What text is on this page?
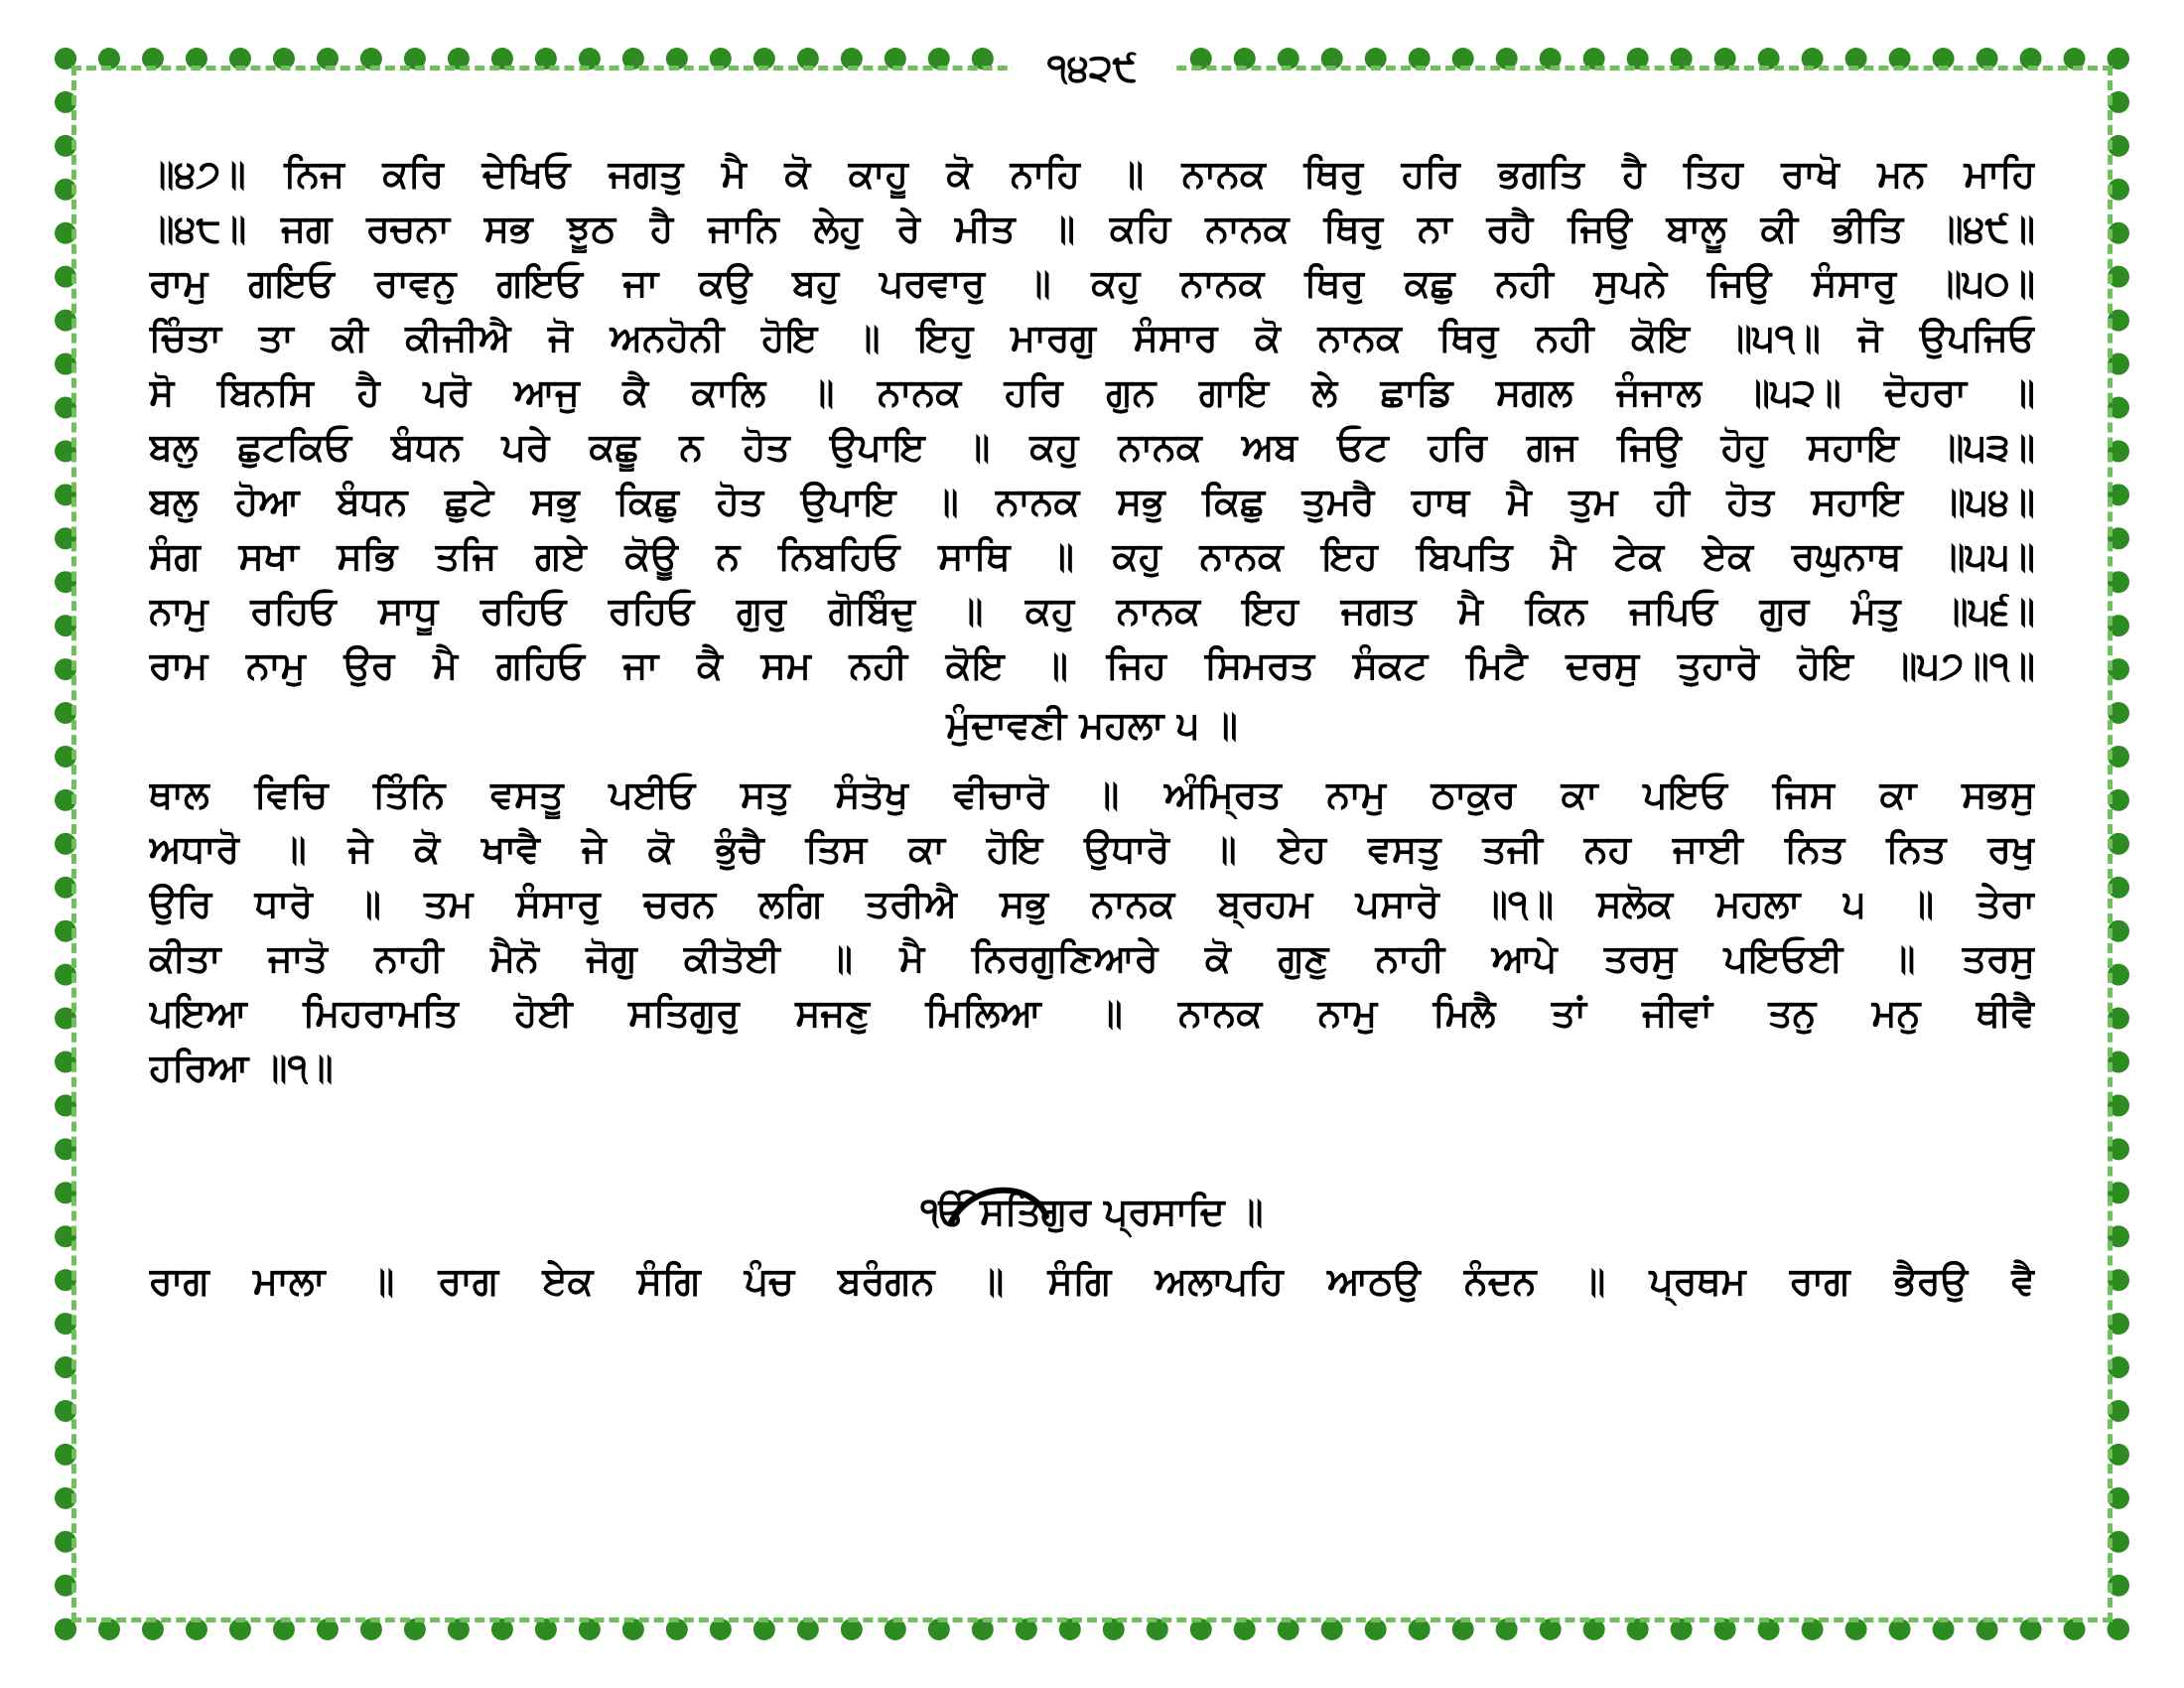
੧੪੨੯
॥੪੭॥ ਨਿਜ ਕਰਿ ਦੇਖਿਓ ਜਗਤੁ ਮੈ ਕੋ ਕਾਹੂ ਕੋ ਨਾਹਿ ॥ ਨਾਨਕ ਥਿਰੁ ਹਰਿ ਭਗਤਿ ਹੈ ਤਿਹ ਰਾਖੋ ਮਨ ਮਾਹਿ
॥੪੮॥ ਜਗ ਰਚਨਾ ਸਭ ਝੂਠ ਹੈ ਜਾਨਿ ਲੇਹੁ ਰੇ ਮੀਤ ॥ ਕਹਿ ਨਾਨਕ ਥਿਰੁ ਨਾ ਰਹੈ ਜਿਉ ਬਾਲੂ ਕੀ ਭੀਤਿ ॥੪੯॥
ਰਾਮੁ ਗਇਓ ਰਾਵਨੁ ਗਇਓ ਜਾ ਕਉ ਬਹੁ ਪਰਵਾਰੁ ॥ ਕਹੁ ਨਾਨਕ ਥਿਰੁ ਕਛੁ ਨਹੀ ਸੁਪਨੇ ਜਿਉ ਸੰਸਾਰੁ ॥੫੦॥
ਚਿੰਤਾ ਤਾ ਕੀ ਕੀਜੀਐ ਜੋ ਅਨਹੋਨੀ ਹੋਇ ॥ ਇਹੁ ਮਾਰਗੁ ਸੰਸਾਰ ਕੋ ਨਾਨਕ ਥਿਰੁ ਨਹੀ ਕੋਇ ॥੫੧॥ ਜੋ ਉਪਜਿਓ
ਸੋ ਬਿਨਸਿ ਹੈ ਪਰੋ ਆਜੁ ਕੈ ਕਾਲਿ ॥ ਨਾਨਕ ਹਰਿ ਗੁਨ ਗਾਇ ਲੇ ਛਾਡਿ ਸਗਲ ਜੰਜਾਲ ॥੫੨॥ ਦੋਹਰਾ ॥
ਬਲੁ ਛੁਟਕਿਓ ਬੰਧਨ ਪਰੇ ਕਛੂ ਨ ਹੋਤ ਉਪਾਇ ॥ ਕਹੁ ਨਾਨਕ ਅਬ ਓਟ ਹਰਿ ਗਜ ਜਿਉ ਹੋਹੁ ਸਹਾਇ ॥੫੩॥
ਬਲੁ ਹੋਆ ਬੰਧਨ ਛੁਟੇ ਸਭੁ ਕਿਛੁ ਹੋਤ ਉਪਾਇ ॥ ਨਾਨਕ ਸਭੁ ਕਿਛੁ ਤੁਮਰੈ ਹਾਥ ਮੈ ਤੁਮ ਹੀ ਹੋਤ ਸਹਾਇ ॥੫੪॥
ਸੰਗ ਸਖਾ ਸਭਿ ਤਜਿ ਗਏ ਕੋਊ ਨ ਨਿਬਹਿਓ ਸਾਥਿ ॥ ਕਹੁ ਨਾਨਕ ਇਹ ਬਿਪਤਿ ਮੈ ਟੇਕ ਏਕ ਰਘੁਨਾਥ ॥੫੫॥
ਨਾਮੁ ਰਹਿਓ ਸਾਧੂ ਰਹਿਓ ਰਹਿਓ ਗੁਰੁ ਗੋਬਿੰਦੁ ॥ ਕਹੁ ਨਾਨਕ ਇਹ ਜਗਤ ਮੈ ਕਿਨ ਜਪਿਓ ਗੁਰ ਮੰਤੁ ॥੫੬॥
ਰਾਮ ਨਾਮੁ ਉਰ ਮੈ ਗਹਿਓ ਜਾ ਕੈ ਸਮ ਨਹੀ ਕੋਇ ॥ ਜਿਹ ਸਿਮਰਤ ਸੰਕਟ ਮਿਟੈ ਦਰਸੁ ਤੁਹਾਰੋ ਹੋਇ ॥੫੭॥੧॥
ਮੁੰਦਾਵਣੀ ਮਹਲਾ ੫ ॥
ਥਾਲ ਵਿਚਿ ਤਿੰਨਿ ਵਸਤੂ ਪਈਓ ਸਤੁ ਸੰਤੋਖੁ ਵੀਚਾਰੋ ॥ ਅੰਮ੍ਰਿਤ ਨਾਮੁ ਠਾਕੁਰ ਕਾ ਪਇਓ ਜਿਸ ਕਾ ਸਭਸੁ
ਅਧਾਰੋ ॥ ਜੇ ਕੋ ਖਾਵੈ ਜੇ ਕੋ ਭੁੰਚੈ ਤਿਸ ਕਾ ਹੋਇ ਉਧਾਰੋ ॥ ਏਹ ਵਸਤੁ ਤਜੀ ਨਹ ਜਾਈ ਨਿਤ ਨਿਤ ਰਖੁ
ਉਰਿ ਧਾਰੋ ॥ ਤਮ ਸੰਸਾਰੁ ਚਰਨ ਲਗਿ ਤਰੀਐ ਸਭੁ ਨਾਨਕ ਬ੍ਰਹਮ ਪਸਾਰੋ ॥੧॥ ਸਲੋਕ ਮਹਲਾ ੫ ॥ ਤੇਰਾ
ਕੀਤਾ ਜਾਤੋ ਨਾਹੀ ਮੈਨੋ ਜੋਗੁ ਕੀਤੋਈ ॥ ਮੈ ਨਿਰਗੁਣਿਆਰੇ ਕੋ ਗੁਣੁ ਨਾਹੀ ਆਪੇ ਤਰਸੁ ਪਇਓਈ ॥ ਤਰਸੁ
ਪਇਆ ਮਿਹਰਾਮਤਿ ਹੋਈ ਸਤਿਗੁਰੁ ਸਜਣੁ ਮਿਲਿਆ ॥ ਨਾਨਕ ਨਾਮੁ ਮਿਲੈ ਤਾਂ ਜੀਵਾਂ ਤਨੁ ਮਨੁ ਥੀਵੈ
ਹਰਿਆ ॥੧॥
ੴ ਸਤਿਗੁਰ ਪ੍ਰਸਾਦਿ ॥
ਰਾਗ ਮਾਲਾ ॥ ਰਾਗ ਏਕ ਸੰਗਿ ਪੰਚ ਬਰੰਗਨ ॥ ਸੰਗਿ ਅਲਾਪਹਿ ਆਠਉ ਨੰਦਨ ॥ ਪ੍ਰਥਮ ਰਾਗ ਭੈਰਉ ਵੈ
